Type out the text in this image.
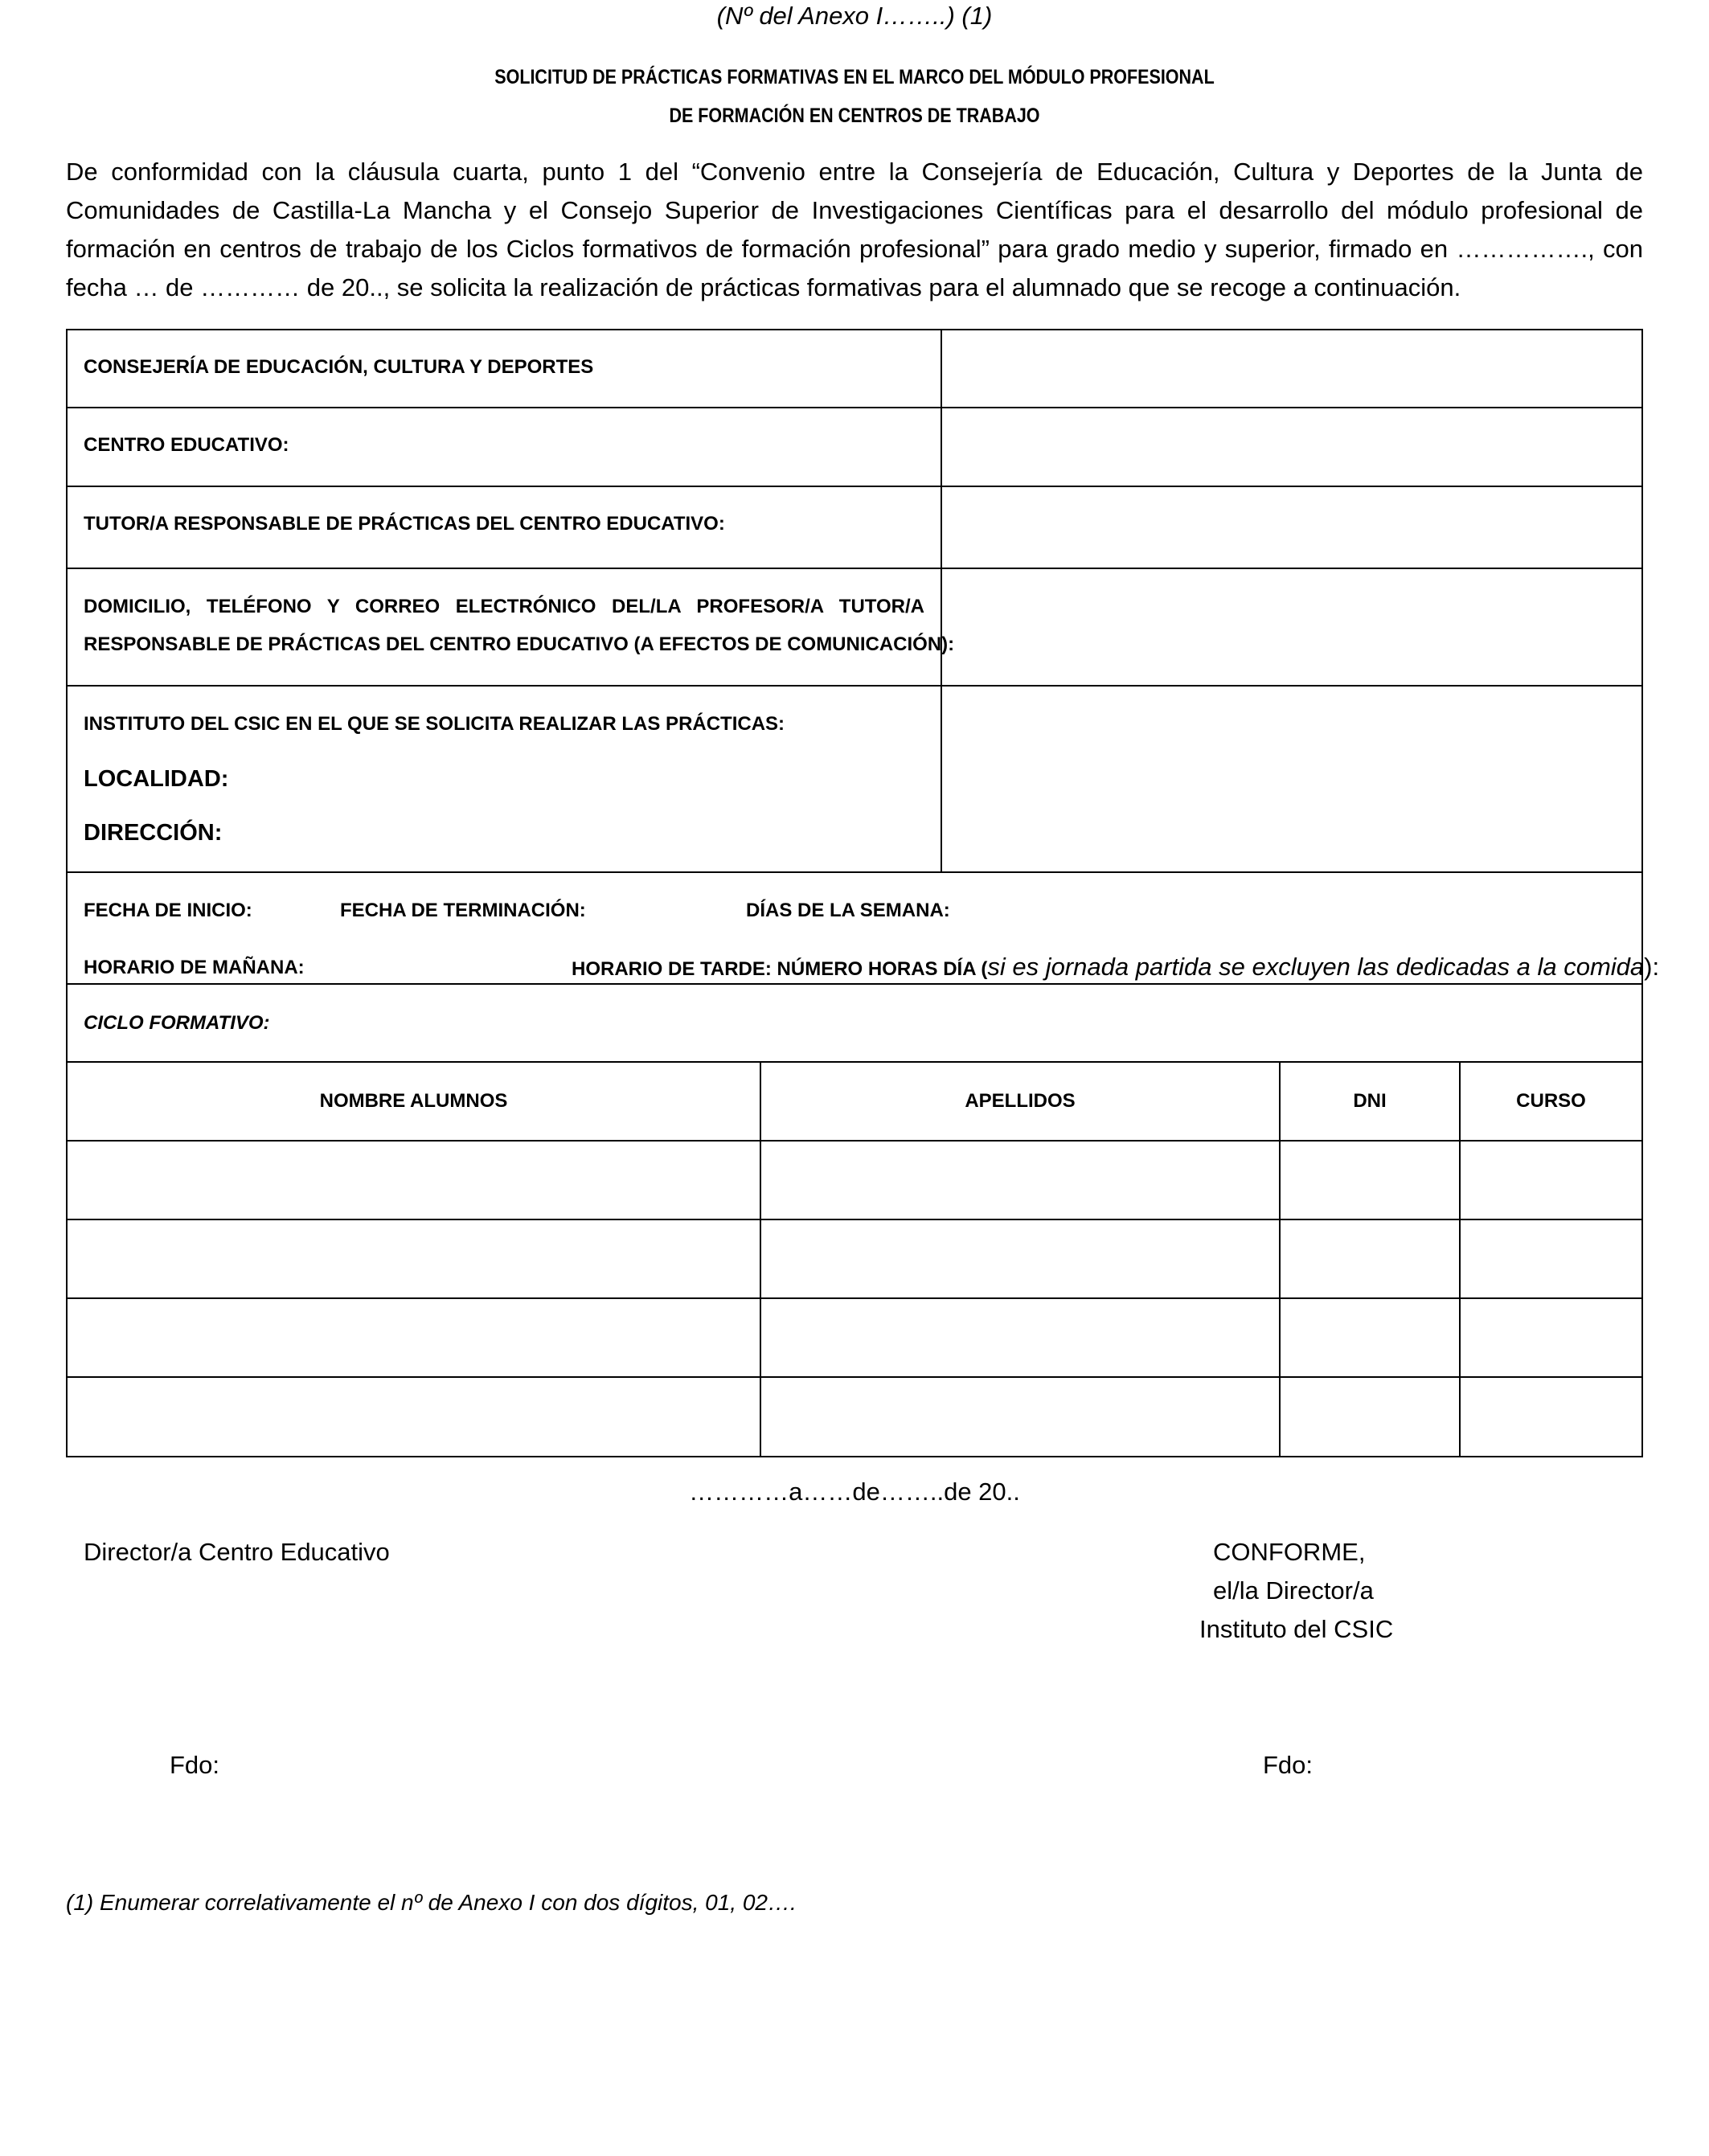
(Nº del Anexo I……..) (1)
SOLICITUD DE PRÁCTICAS FORMATIVAS EN EL MARCO DEL MÓDULO PROFESIONAL
DE FORMACIÓN EN CENTROS DE TRABAJO
De conformidad con la cláusula cuarta, punto 1 del “Convenio entre la Consejería de Educación, Cultura y Deportes de la Junta de Comunidades de Castilla-La Mancha y el Consejo Superior de Investigaciones Científicas para el desarrollo del módulo profesional de formación en centros de trabajo de los Ciclos formativos de formación profesional” para grado medio y superior, firmado en ……………., con fecha … de ………… de 20.., se solicita la realización de prácticas formativas para el alumnado que se recoge a continuación.
CONSEJERÍA DE EDUCACIÓN, CULTURA Y DEPORTES
CENTRO EDUCATIVO:
TUTOR/A RESPONSABLE DE PRÁCTICAS DEL CENTRO EDUCATIVO:
DOMICILIO, TELÉFONO Y CORREO ELECTRÓNICO DEL/LA PROFESOR/A TUTOR/A
RESPONSABLE DE PRÁCTICAS DEL CENTRO EDUCATIVO (A EFECTOS DE COMUNICACIÓN):
INSTITUTO DEL CSIC EN EL QUE SE SOLICITA REALIZAR LAS PRÁCTICAS:
LOCALIDAD:
DIRECCIÓN:
FECHA DE INICIO:	FECHA DE TERMINACIÓN:	DÍAS DE LA SEMANA:
HORARIO DE MAÑANA:	HORARIO DE TARDE: NÚMERO HORAS DÍA (si es jornada partida se excluyen las dedicadas a la comida):
CICLO FORMATIVO:
NOMBRE ALUMNOS	APELLIDOS	DNI	CURSO
…………a……de……..de 20..
Director/a Centro Educativo	CONFORME,
el/la Director/a
Instituto del CSIC
Fdo:	Fdo:
(1) Enumerar correlativamente el nº de Anexo I con dos dígitos, 01, 02….
